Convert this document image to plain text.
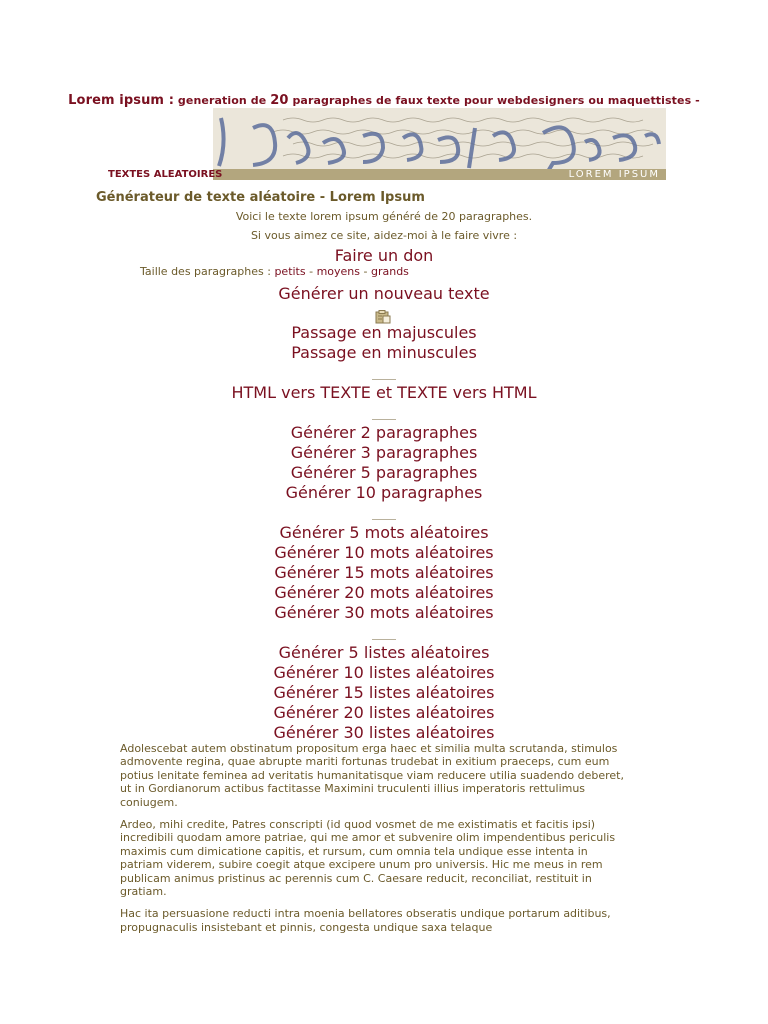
Lorem ipsum : generation de 20 paragraphes de faux texte pour webdesigners ou maquettistes -
LOREM IPSUM
TEXTES ALEATOIRES
Générateur de texte aléatoire - Lorem Ipsum
Voici le texte lorem ipsum généré de 20 paragraphes.
Si vous aimez ce site, aidez-moi à le faire vivre :
Faire un don
Taille des paragraphes : petits - moyens - grands
Générer un nouveau texte
Passage en majuscules
Passage en minuscules
HTML vers TEXTE et TEXTE vers HTML
Générer 2 paragraphes
Générer 3 paragraphes
Générer 5 paragraphes
Générer 10 paragraphes
Générer 5 mots aléatoires
Générer 10 mots aléatoires
Générer 15 mots aléatoires
Générer 20 mots aléatoires
Générer 30 mots aléatoires
Générer 5 listes aléatoires
Générer 10 listes aléatoires
Générer 15 listes aléatoires
Générer 20 listes aléatoires
Générer 30 listes aléatoires

Adolescebat autem obstinatum propositum erga haec et similia multa scrutanda, stimulos admovente regina, quae abrupte mariti fortunas trudebat in exitium praeceps, cum eum potius lenitate feminea ad veritatis humanitatisque viam reducere utilia suadendo deberet, ut in Gordianorum actibus factitasse Maximini truculenti illius imperatoris rettulimus coniugem.

Ardeo, mihi credite, Patres conscripti (id quod vosmet de me existimatis et facitis ipsi) incredibili quodam amore patriae, qui me amor et subvenire olim impendentibus periculis maximis cum dimicatione capitis, et rursum, cum omnia tela undique esse intenta in patriam viderem, subire coegit atque excipere unum pro universis. Hic me meus in rem publicam animus pristinus ac perennis cum C. Caesare reducit, reconciliat, restituit in gratiam.

Hac ita persuasione reducti intra moenia bellatores obseratis undique portarum aditibus, propugnaculis insistebant et pinnis, congesta undique saxa telaque
